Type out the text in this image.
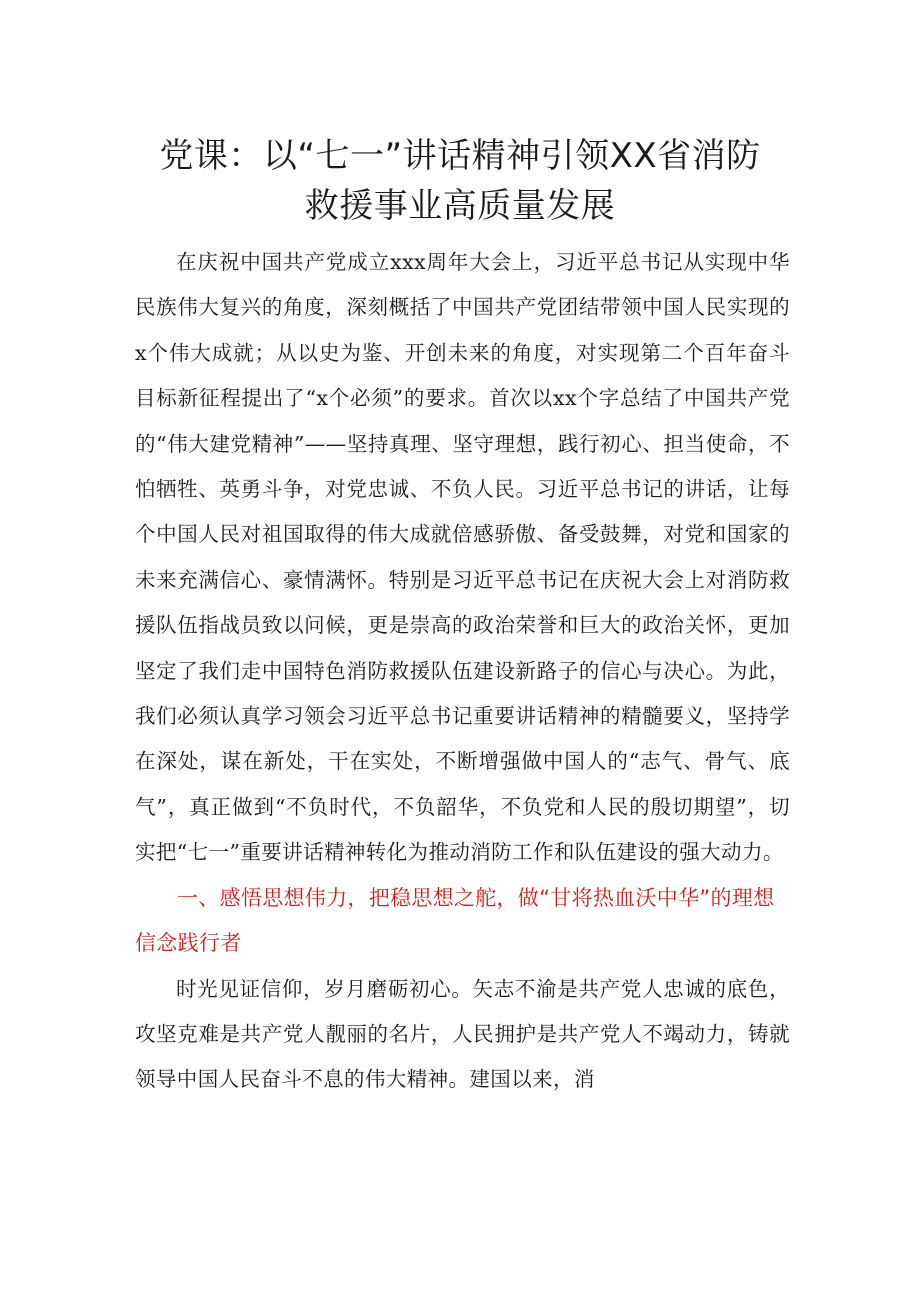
党课：以“七一”讲话精神引领XX省消防
救援事业高质量发展

在庆祝中国共产党成立xxx周年大会上，习近平总书记从实现中华民族伟大复兴的角度，深刻概括了中国共产党团结带领中国人民实现的x个伟大成就；从以史为鉴、开创未来的角度，对实现第二个百年奋斗目标新征程提出了“x个必须”的要求。首次以xx个字总结了中国共产党的“伟大建党精神”——坚持真理、坚守理想，践行初心、担当使命，不怕牺牲、英勇斗争，对党忠诚、不负人民。习近平总书记的讲话，让每个中国人民对祖国取得的伟大成就倍感骄傲、备受鼓舞，对党和国家的未来充满信心、豪情满怀。特别是习近平总书记在庆祝大会上对消防救援队伍指战员致以问候，更是崇高的政治荣誉和巨大的政治关怀，更加坚定了我们走中国特色消防救援队伍建设新路子的信心与决心。为此，我们必须认真学习领会习近平总书记重要讲话精神的精髓要义，坚持学在深处，谋在新处，干在实处，不断增强做中国人的“志气、骨气、底气”，真正做到“不负时代，不负韶华，不负党和人民的殷切期望”，切实把“七一”重要讲话精神转化为推动消防工作和队伍建设的强大动力。

一、感悟思想伟力，把稳思想之舵，做“甘将热血沃中华”的理想信念践行者

时光见证信仰，岁月磨砺初心。矢志不渝是共产党人忠诚的底色，攻坚克难是共产党人靓丽的名片，人民拥护是共产党人不竭动力，铸就领导中国人民奋斗不息的伟大精神。建国以来，消
